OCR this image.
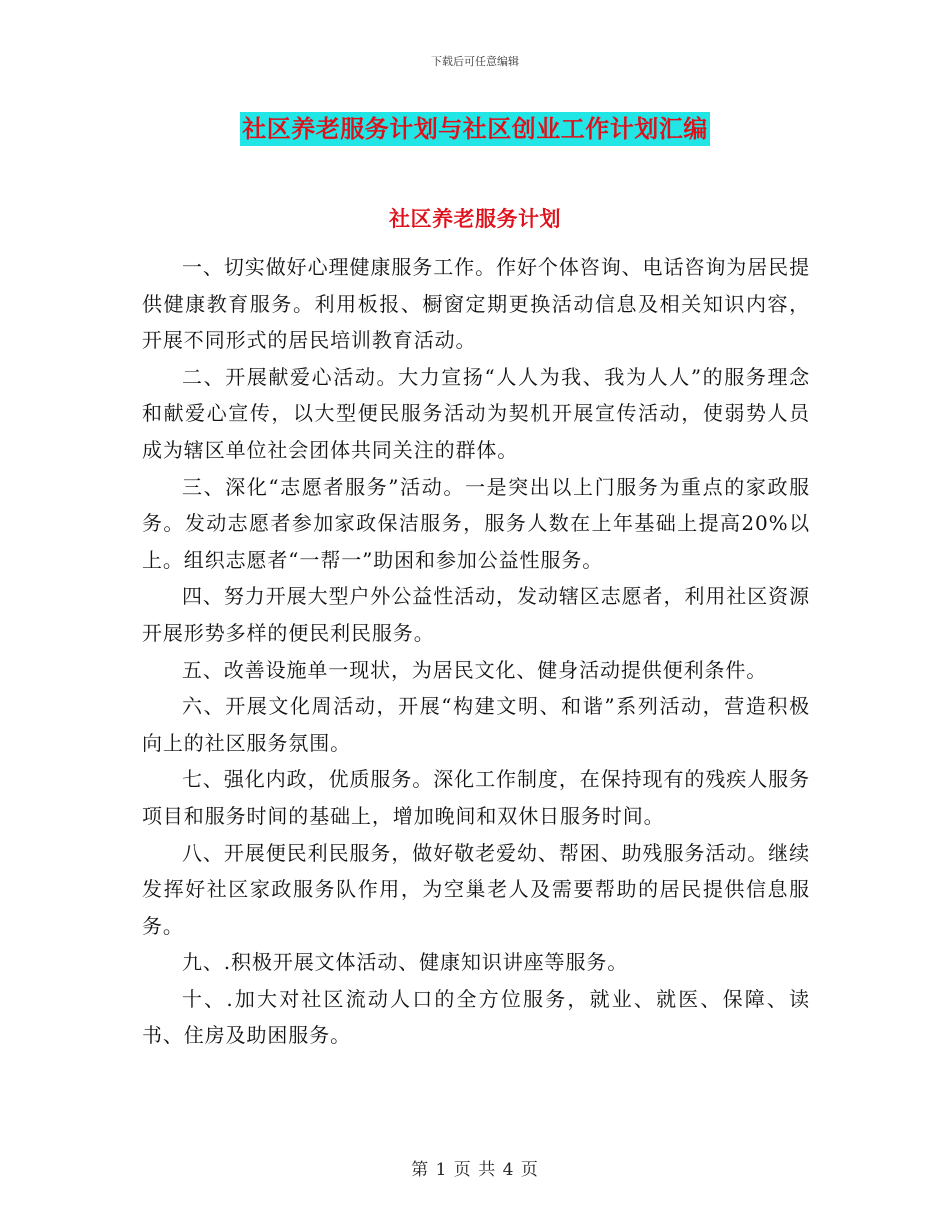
下载后可任意编辑
社区养老服务计划与社区创业工作计划汇编
社区养老服务计划

一、切实做好心理健康服务工作。作好个体咨询、电话咨询为居民提供健康教育服务。利用板报、橱窗定期更换活动信息及相关知识内容，开展不同形式的居民培训教育活动。

二、开展献爱心活动。大力宣扬“人人为我、我为人人”的服务理念和献爱心宣传，以大型便民服务活动为契机开展宣传活动，使弱势人员成为辖区单位社会团体共同关注的群体。

三、深化“志愿者服务”活动。一是突出以上门服务为重点的家政服务。发动志愿者参加家政保洁服务，服务人数在上年基础上提高20%以上。组织志愿者“一帮一”助困和参加公益性服务。

四、努力开展大型户外公益性活动，发动辖区志愿者，利用社区资源开展形势多样的便民利民服务。

五、改善设施单一现状，为居民文化、健身活动提供便利条件。

六、开展文化周活动，开展“构建文明、和谐”系列活动，营造积极向上的社区服务氛围。

七、强化内政，优质服务。深化工作制度，在保持现有的残疾人服务项目和服务时间的基础上，增加晚间和双休日服务时间。

八、开展便民利民服务，做好敬老爱幼、帮困、助残服务活动。继续发挥好社区家政服务队作用，为空巢老人及需要帮助的居民提供信息服务。

九、.积极开展文体活动、健康知识讲座等服务。

十、.加大对社区流动人口的全方位服务，就业、就医、保障、读书、住房及助困服务。

第 1 页 共 4 页
